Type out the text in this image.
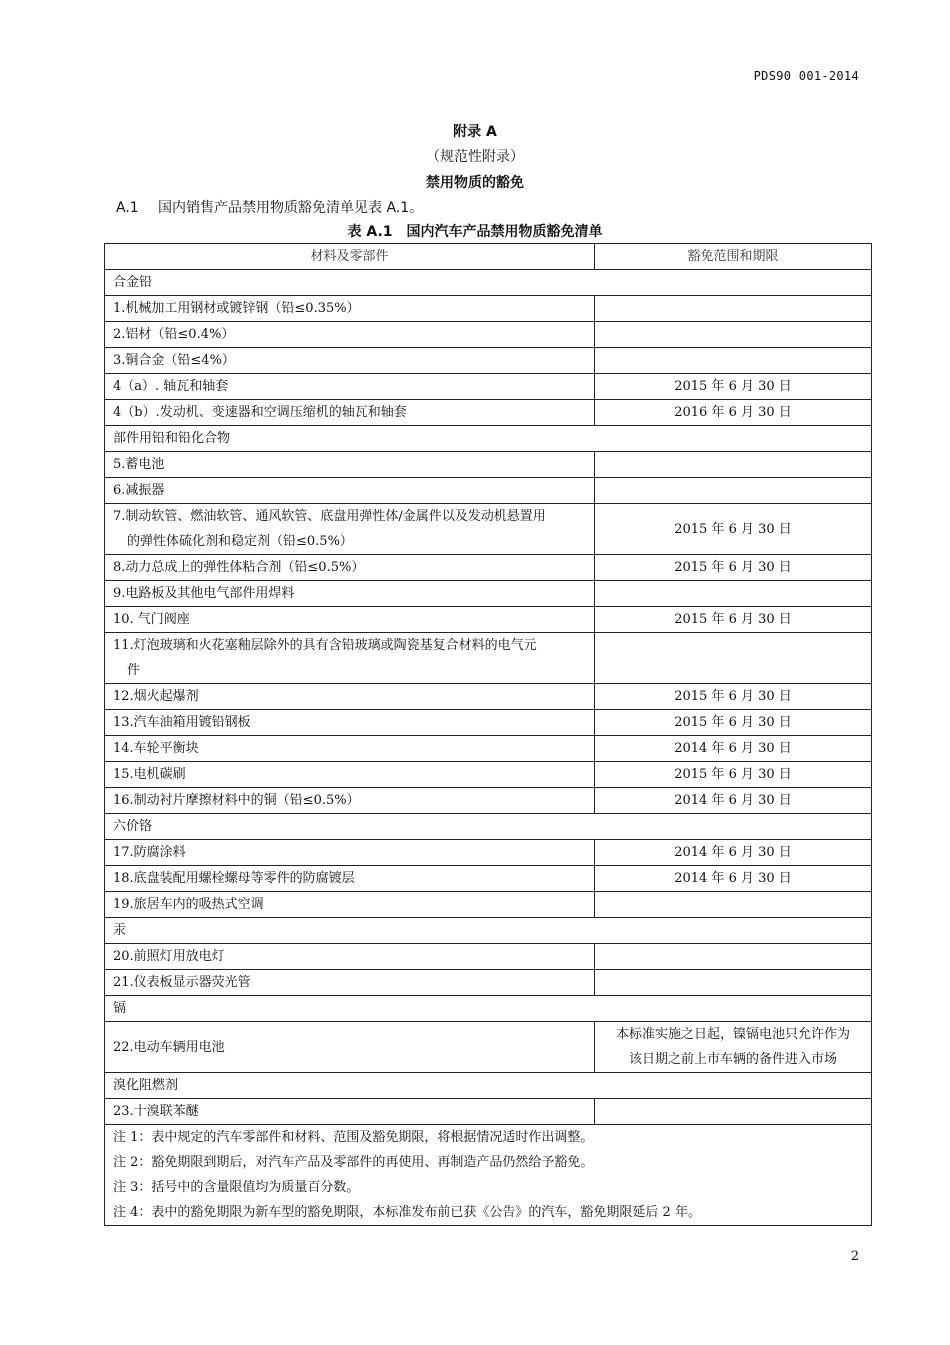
PDS90 001-2014
附录 A
（规范性附录）
禁用物质的豁免
A.1 国内销售产品禁用物质豁免清单见表 A.1。
表 A.1　国内汽车产品禁用物质豁免清单
材料及零部件	豁免范围和期限
合金铅	
1.机械加工用钢材或镀锌钢（铅≤0.35%）	
2.铝材（铅≤0.4%）	
3.铜合金（铅≤4%）	
4（a）. 轴瓦和轴套	2015 年 6 月 30 日
4（b）.发动机、变速器和空调压缩机的轴瓦和轴套	2016 年 6 月 30 日
部件用铅和铅化合物	
5.蓄电池	
6.减振器	

7.制动软管、燃油软管、通风软管、底盘用弹性体/金属件以及发动机悬置用
的弹性体硫化剂和稳定剂（铅≤0.5%）	2015 年 6 月 30 日
8.动力总成上的弹性体粘合剂（铅≤0.5%）	2015 年 6 月 30 日
9.电路板及其他电气部件用焊料	
10. 气门阀座	2015 年 6 月 30 日

11.灯泡玻璃和火花塞釉层除外的具有含铅玻璃或陶瓷基复合材料的电气元
件	

12.烟火起爆剂	2015 年 6 月 30 日
13.汽车油箱用镀铅钢板	2015 年 6 月 30 日
14.车轮平衡块	2014 年 6 月 30 日
15.电机碳刷	2015 年 6 月 30 日
16.制动衬片摩擦材料中的铜（铅≤0.5%）	2014 年 6 月 30 日
六价铬	
17.防腐涂料	2014 年 6 月 30 日
18.底盘装配用螺栓螺母等零件的防腐镀层	2014 年 6 月 30 日
19.旅居车内的吸热式空调	
汞	
20.前照灯用放电灯	
21.仪表板显示器荧光管	
镉	
22.电动车辆用电池	本标准实施之日起，镍镉电池只允许作为
该日期之前上市车辆的备件进入市场

溴化阻燃剂	
23.十溴联苯醚	

注 1：表中规定的汽车零部件和材料、范围及豁免期限，将根据情况适时作出调整。
注 2：豁免期限到期后，对汽车产品及零部件的再使用、再制造产品仍然给予豁免。
注 3：括号中的含量限值均为质量百分数。
注 4：表中的豁免期限为新车型的豁免期限，本标准发布前已获《公告》的汽车，豁免期限延后 2 年。	
2
